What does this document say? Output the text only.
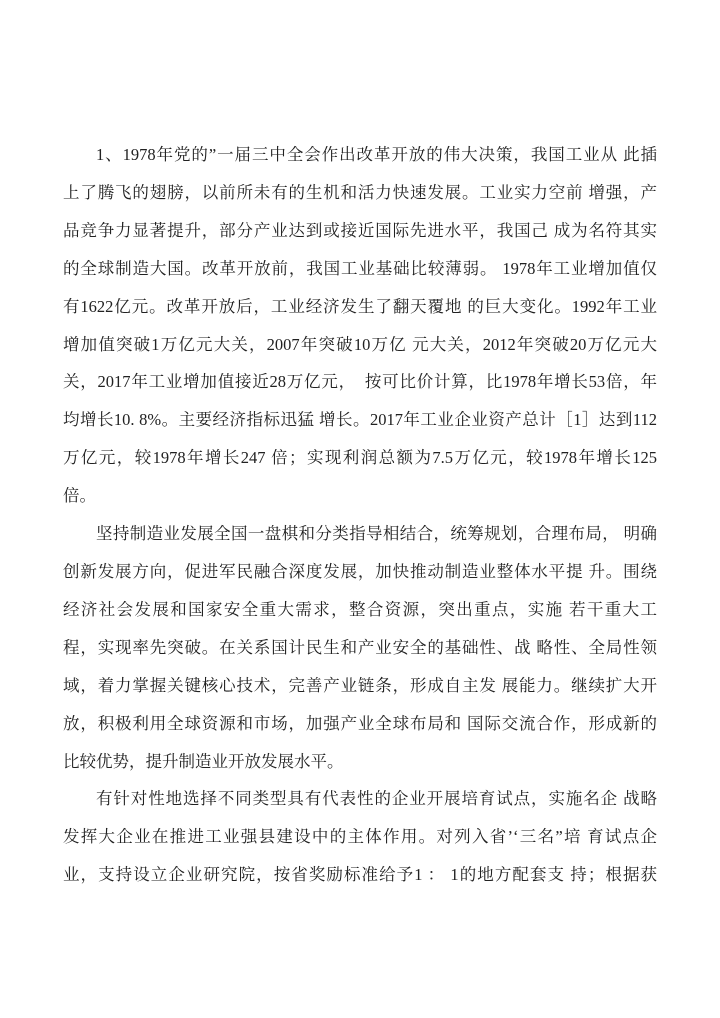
1、1978年党的”一届三中全会作出改革开放的伟大决策，我国工业从 此插
上了腾飞的翅膀，以前所未有的生机和活力快速发展。工业实力空前 增强，产
品竞争力显著提升，部分产业达到或接近国际先进水平，我国己 成为名符其实
的全球制造大国。改革开放前，我国工业基础比较薄弱。 1978年工业增加值仅
有1622亿元。改革开放后，工业经济发生了翻天覆地 的巨大变化。1992年工业
增加值突破1万亿元大关，2007年突破10万亿 元大关，2012年突破20万亿元大
关，2017年工业增加值接近28万亿元，　按可比价计算，比1978年增长53倍，年
均增长10. 8%。主要经济指标迅猛 增长。2017年工业企业资产总计［1］达到112
万亿元，较1978年增长247 倍；实现利润总额为7.5万亿元，较1978年增长125
倍。
坚持制造业发展全国一盘棋和分类指导相结合，统筹规划，合理布局， 明确
创新发展方向，促进军民融合深度发展，加快推动制造业整体水平提 升。围绕
经济社会发展和国家安全重大需求，整合资源，突出重点，实施 若干重大工
程，实现率先突破。在关系国计民生和产业安全的基础性、战 略性、全局性领
域，着力掌握关键核心技术，完善产业链条，形成自主发 展能力。继续扩大开
放，积极利用全球资源和市场，加强产业全球布局和 国际交流合作，形成新的
比较优势，提升制造业开放发展水平。
有针对性地选择不同类型具有代表性的企业开展培育试点，实施名企 战略
发挥大企业在推进工业强县建设中的主体作用。对列入省’‘三名”培 育试点企
业，支持设立企业研究院，按省奖励标准给予1 ： 1的地方配套支 持；根据获
